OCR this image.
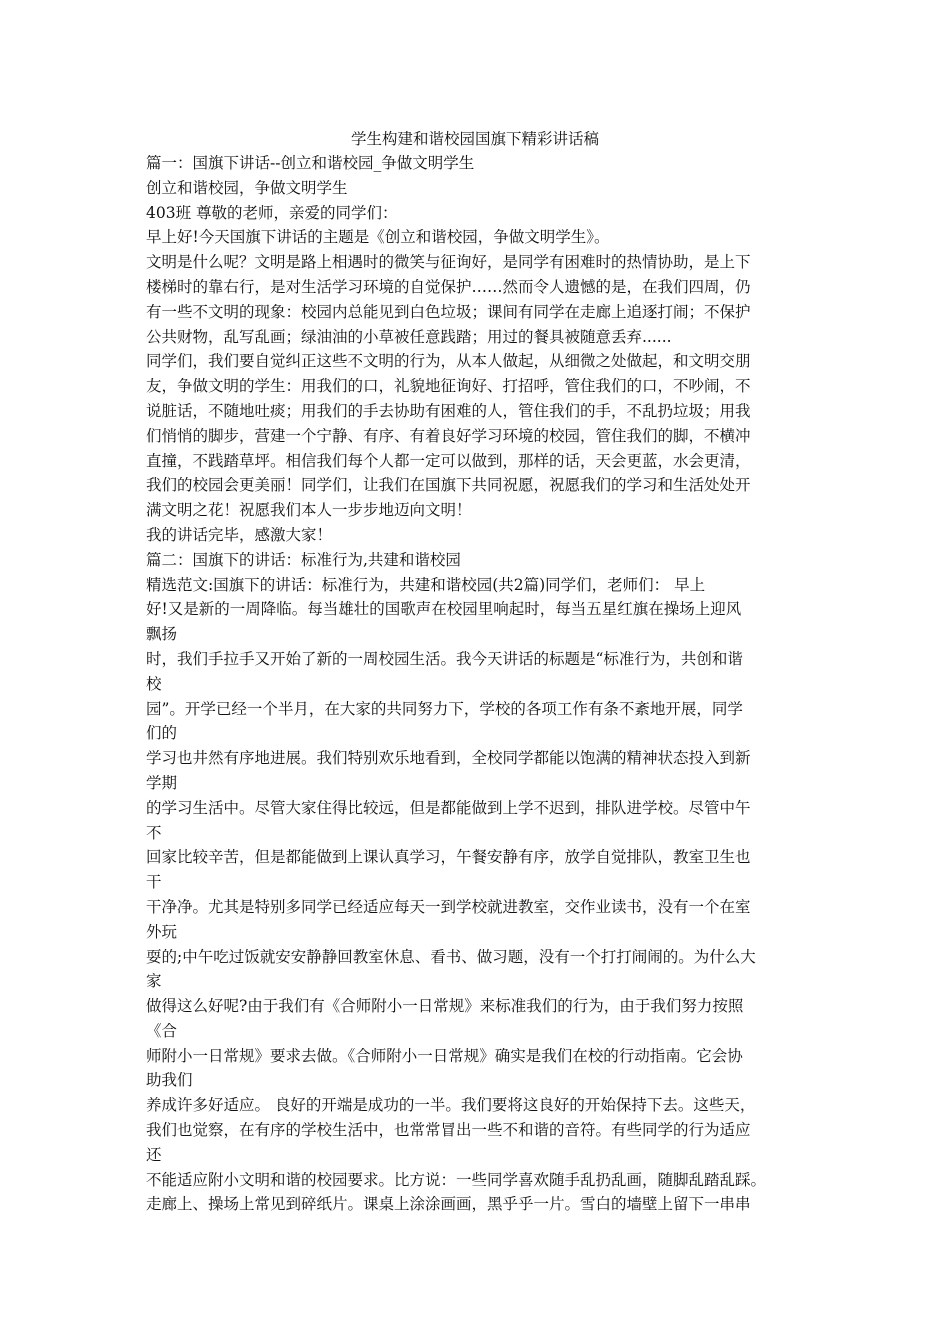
学生构建和谐校园国旗下精彩讲话稿
篇一：国旗下讲话--创立和谐校园_争做文明学生
创立和谐校园，争做文明学生
403班 尊敬的老师，亲爱的同学们：
早上好!今天国旗下讲话的主题是《创立和谐校园，争做文明学生》。
文明是什么呢？文明是路上相遇时的微笑与征询好，是同学有困难时的热情协助，是上下
楼梯时的靠右行，是对生活学习环境的自觉保护……然而令人遗憾的是，在我们四周，仍
有一些不文明的现象：校园内总能见到白色垃圾；课间有同学在走廊上追逐打闹；不保护
公共财物，乱写乱画；绿油油的小草被任意践踏；用过的餐具被随意丢弃......
同学们，我们要自觉纠正这些不文明的行为，从本人做起，从细微之处做起，和文明交朋
友，争做文明的学生：用我们的口，礼貌地征询好、打招呼，管住我们的口，不吵闹，不
说脏话，不随地吐痰；用我们的手去协助有困难的人，管住我们的手，不乱扔垃圾；用我
们悄悄的脚步，营建一个宁静、有序、有着良好学习环境的校园，管住我们的脚，不横冲
直撞，不践踏草坪。相信我们每个人都一定可以做到，那样的话，天会更蓝，水会更清，
我们的校园会更美丽！同学们，让我们在国旗下共同祝愿，祝愿我们的学习和生活处处开
满文明之花！祝愿我们本人一步步地迈向文明！
我的讲话完毕，感激大家！
篇二：国旗下的讲话：标准行为,共建和谐校园
精选范文:国旗下的讲话：标准行为，共建和谐校园(共2篇)同学们，老师们： 早上
好!又是新的一周降临。每当雄壮的国歌声在校园里响起时，每当五星红旗在操场上迎风
飘扬
时，我们手拉手又开始了新的一周校园生活。我今天讲话的标题是“标准行为，共创和谐
校
园”。开学已经一个半月，在大家的共同努力下，学校的各项工作有条不紊地开展，同学
们的
学习也井然有序地进展。我们特别欢乐地看到，全校同学都能以饱满的精神状态投入到新
学期
的学习生活中。尽管大家住得比较远，但是都能做到上学不迟到，排队进学校。尽管中午
不
回家比较辛苦，但是都能做到上课认真学习，午餐安静有序，放学自觉排队，教室卫生也
干
干净净。尤其是特别多同学已经适应每天一到学校就进教室，交作业读书，没有一个在室
外玩
耍的;中午吃过饭就安安静静回教室休息、看书、做习题，没有一个打打闹闹的。为什么大
家
做得这么好呢?由于我们有《合师附小一日常规》来标准我们的行为，由于我们努力按照
《合
师附小一日常规》要求去做。《合师附小一日常规》确实是我们在校的行动指南。它会协
助我们
养成许多好适应。 良好的开端是成功的一半。我们要将这良好的开始保持下去。这些天，
我们也觉察，在有序的学校生活中，也常常冒出一些不和谐的音符。有些同学的行为适应
还
不能适应附小文明和谐的校园要求。比方说：一些同学喜欢随手乱扔乱画，随脚乱踏乱踩。
走廊上、操场上常见到碎纸片。课桌上涂涂画画，黑乎乎一片。雪白的墙壁上留下一串串
